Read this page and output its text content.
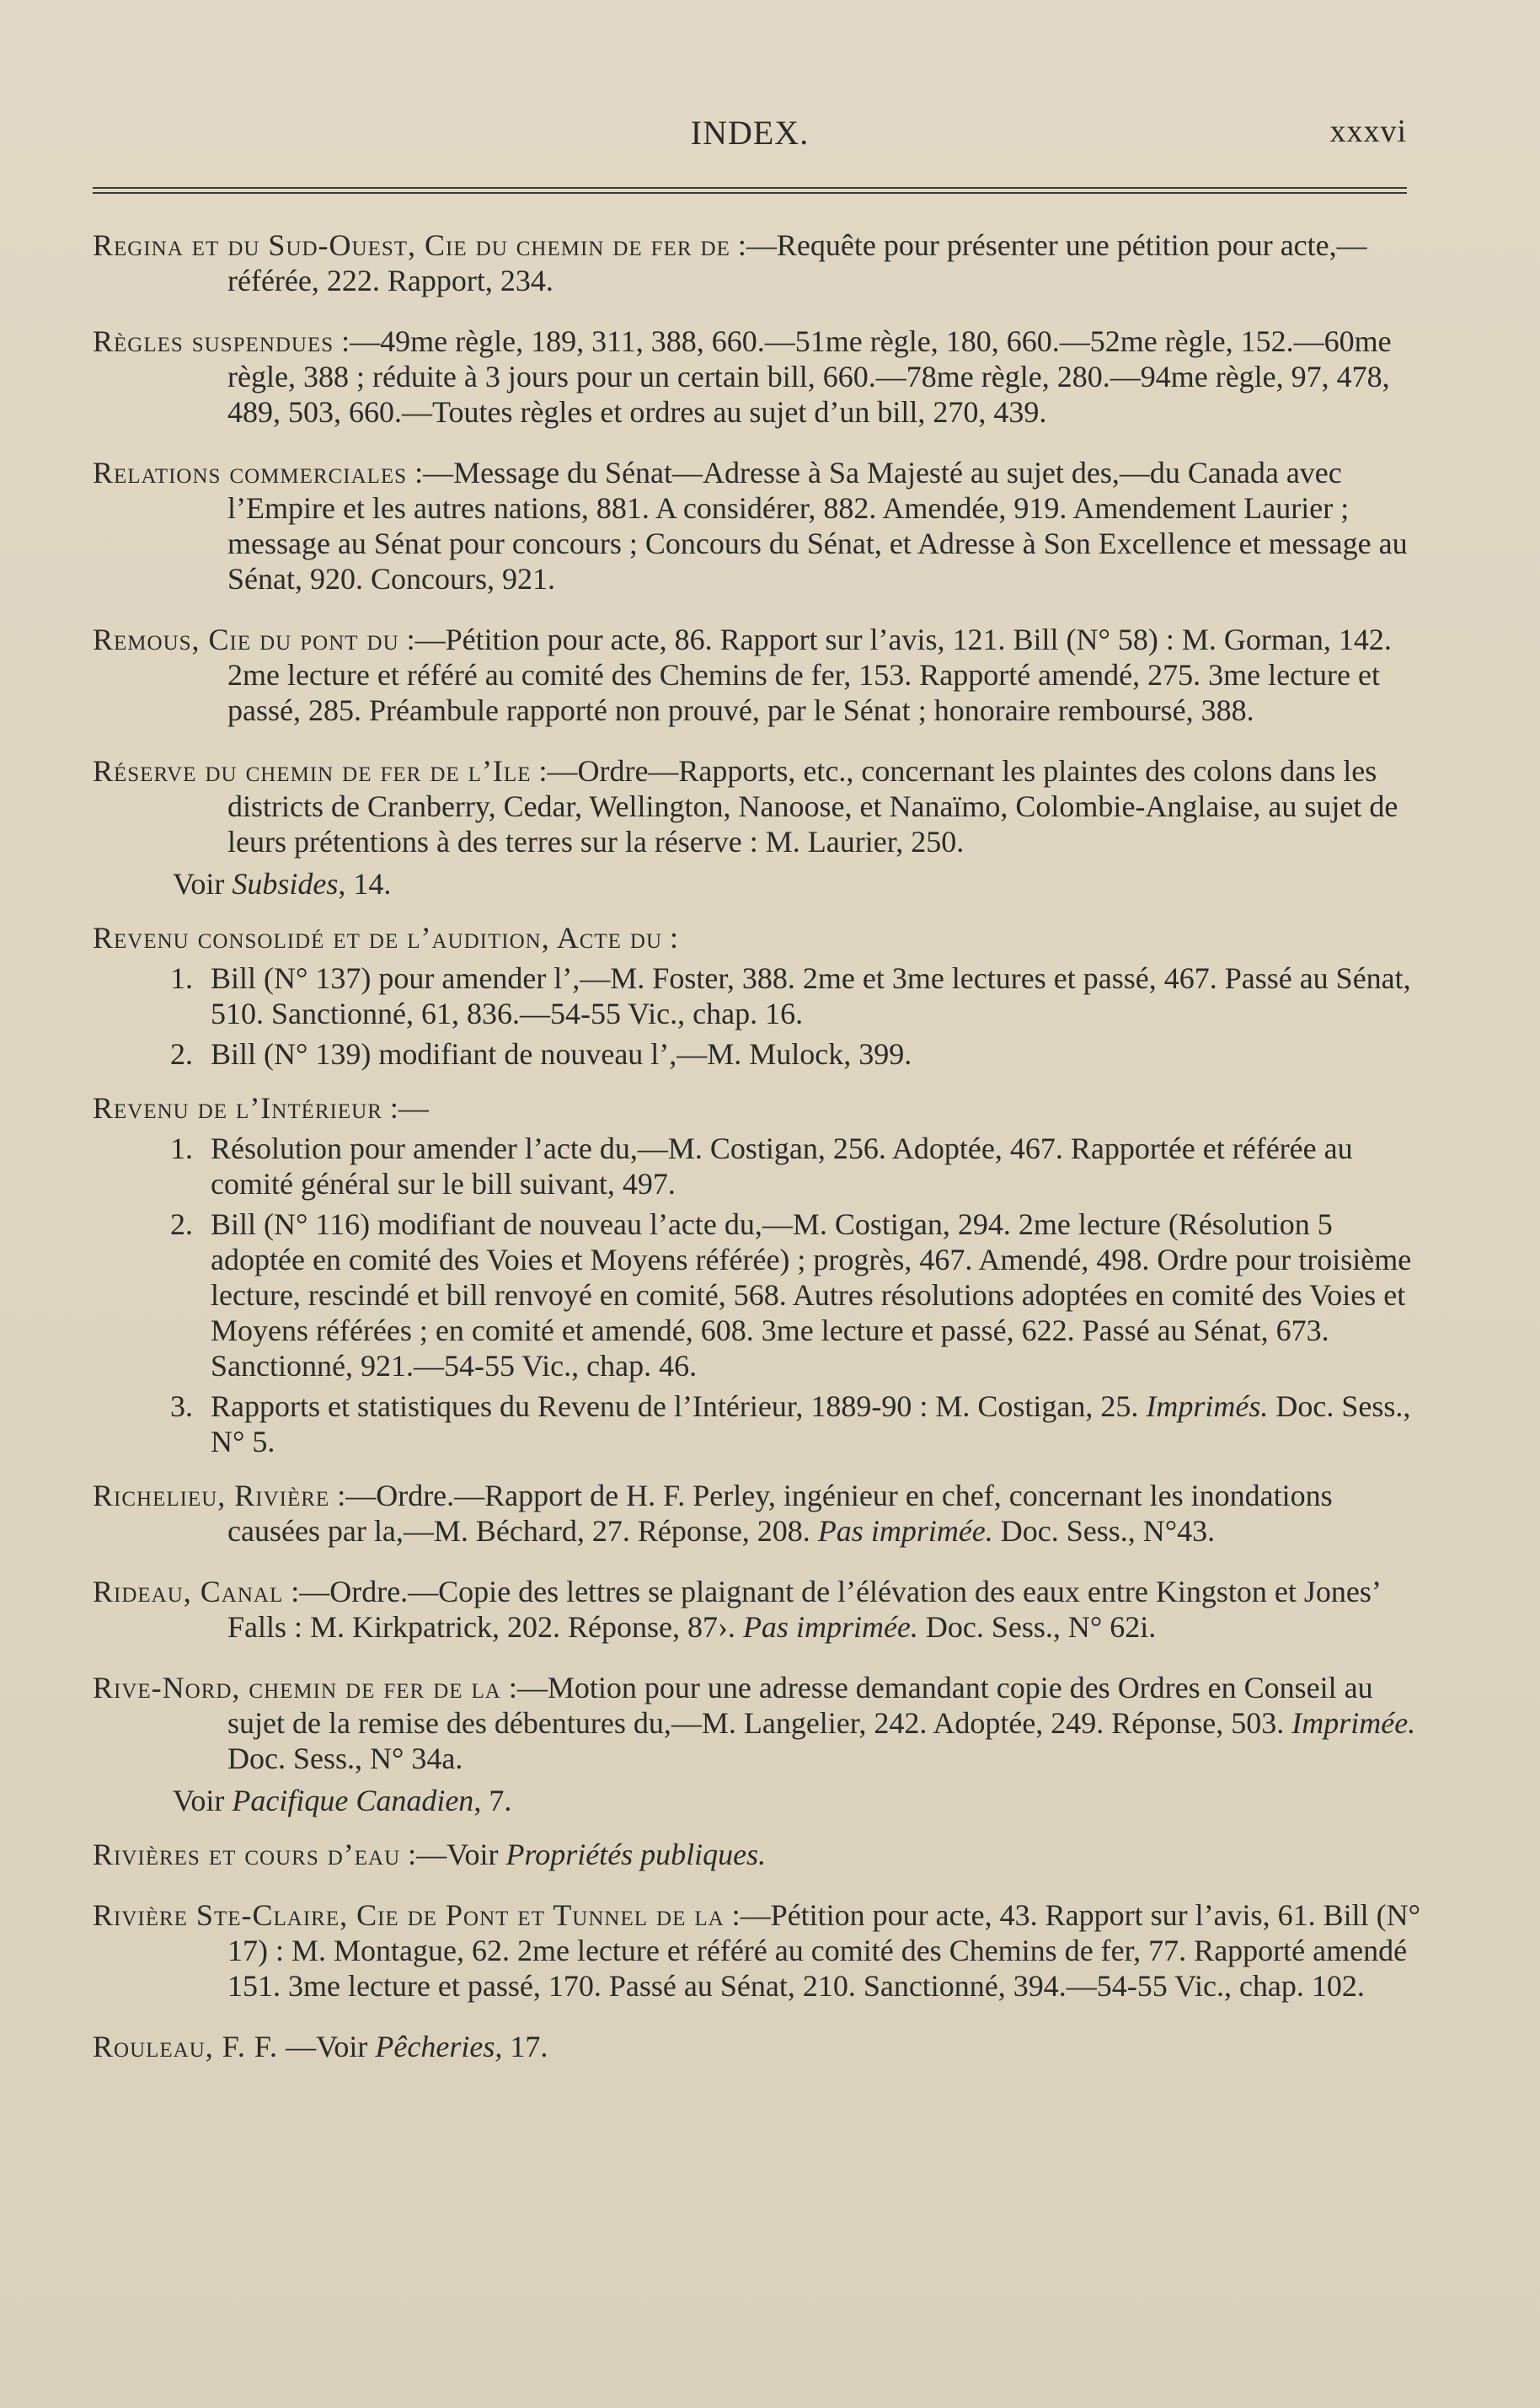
INDEX.	xxxvi
Regina et du Sud-Ouest, Cie du chemin de fer de :—Requête pour présenter une pétition pour acte,—référée, 222. Rapport, 234.
Règles suspendues :—49me règle, 189, 311, 388, 660.—51me règle, 180, 660.—52me règle, 152.—60me règle, 388 ; réduite à 3 jours pour un certain bill, 660.—78me règle, 280.—94me règle, 97, 478, 489, 503, 660.—Toutes règles et ordres au sujet d’un bill, 270, 439.
Relations commerciales :—Message du Sénat—Adresse à Sa Majesté au sujet des,—du Canada avec l’Empire et les autres nations, 881. A considérer, 882. Amendée, 919. Amendement Laurier ; message au Sénat pour concours ; Concours du Sénat, et Adresse à Son Excellence et message au Sénat, 920. Concours, 921.
Remous, Cie du pont du :—Pétition pour acte, 86. Rapport sur l’avis, 121. Bill (N° 58) : M. Gorman, 142. 2me lecture et référé au comité des Chemins de fer, 153. Rapporté amendé, 275. 3me lecture et passé, 285. Préambule rapporté non prouvé, par le Sénat ; honoraire remboursé, 388.
Réserve du chemin de fer de l’Ile :—Ordre—Rapports, etc., concernant les plaintes des colons dans les districts de Cranberry, Cedar, Wellington, Nanoose, et Nanaïmo, Colombie-Anglaise, au sujet de leurs prétentions à des terres sur la réserve : M. Laurier, 250.
Voir Subsides, 14.
Revenu consolidé et de l’audition, Acte du :
1. Bill (N° 137) pour amender l’,—M. Foster, 388. 2me et 3me lectures et passé, 467. Passé au Sénat, 510. Sanctionné, 61, 836.—54-55 Vic., chap. 16.
2. Bill (N° 139) modifiant de nouveau l’,—M. Mulock, 399.
Revenu de l’Intérieur :—
1. Résolution pour amender l’acte du,—M. Costigan, 256. Adoptée, 467. Rapportée et référée au comité général sur le bill suivant, 497.
2. Bill (N° 116) modifiant de nouveau l’acte du,—M. Costigan, 294. 2me lecture (Résolution 5 adoptée en comité des Voies et Moyens référée) ; progrès, 467. Amendé, 498. Ordre pour troisième lecture, rescindé et bill renvoyé en comité, 568. Autres résolutions adoptées en comité des Voies et Moyens référées ; en comité et amendé, 608. 3me lecture et passé, 622. Passé au Sénat, 673. Sanctionné, 921.—54-55 Vic., chap. 46.
3. Rapports et statistiques du Revenu de l’Intérieur, 1889-90 : M. Costigan, 25. Imprimés. Doc. Sess., N° 5.
Richelieu, Rivière :—Ordre.—Rapport de H. F. Perley, ingénieur en chef, concernant les inondations causées par la,—M. Béchard, 27. Réponse, 208. Pas imprimée. Doc. Sess., N°43.
Rideau, Canal :—Ordre.—Copie des lettres se plaignant de l’élévation des eaux entre Kingston et Jones’ Falls : M. Kirkpatrick, 202. Réponse, 87›. Pas imprimée. Doc. Sess., N° 62i.
Rive-Nord, chemin de fer de la :—Motion pour une adresse demandant copie des Ordres en Conseil au sujet de la remise des débentures du,—M. Langelier, 242. Adoptée, 249. Réponse, 503. Imprimée. Doc. Sess., N° 34a.
Voir Pacifique Canadien, 7.
Rivières et cours d’eau :—Voir Propriétés publiques.
Rivière Ste-Claire, Cie de Pont et Tunnel de la :—Pétition pour acte, 43. Rapport sur l’avis, 61. Bill (N° 17) : M. Montague, 62. 2me lecture et référé au comité des Chemins de fer, 77. Rapporté amendé 151. 3me lecture et passé, 170. Passé au Sénat, 210. Sanctionné, 394.—54-55 Vic., chap. 102.
Rouleau, F. F. —Voir Pêcheries, 17.
